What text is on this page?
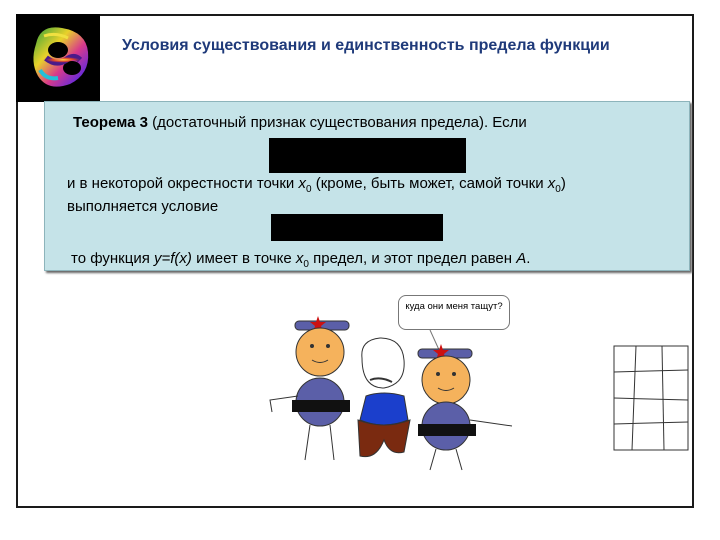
Условия существования и единственность предела функции
Теорема 3 (достаточный признак существования предела). Если
и в некоторой окрестности точки $x_0$ (кроме, быть может, самой точки $x_0$)
выполняется условие
то функция y=f(x) имеет в точке $x_0$ предел, и этот предел равен A.
куда они меня тащут?
